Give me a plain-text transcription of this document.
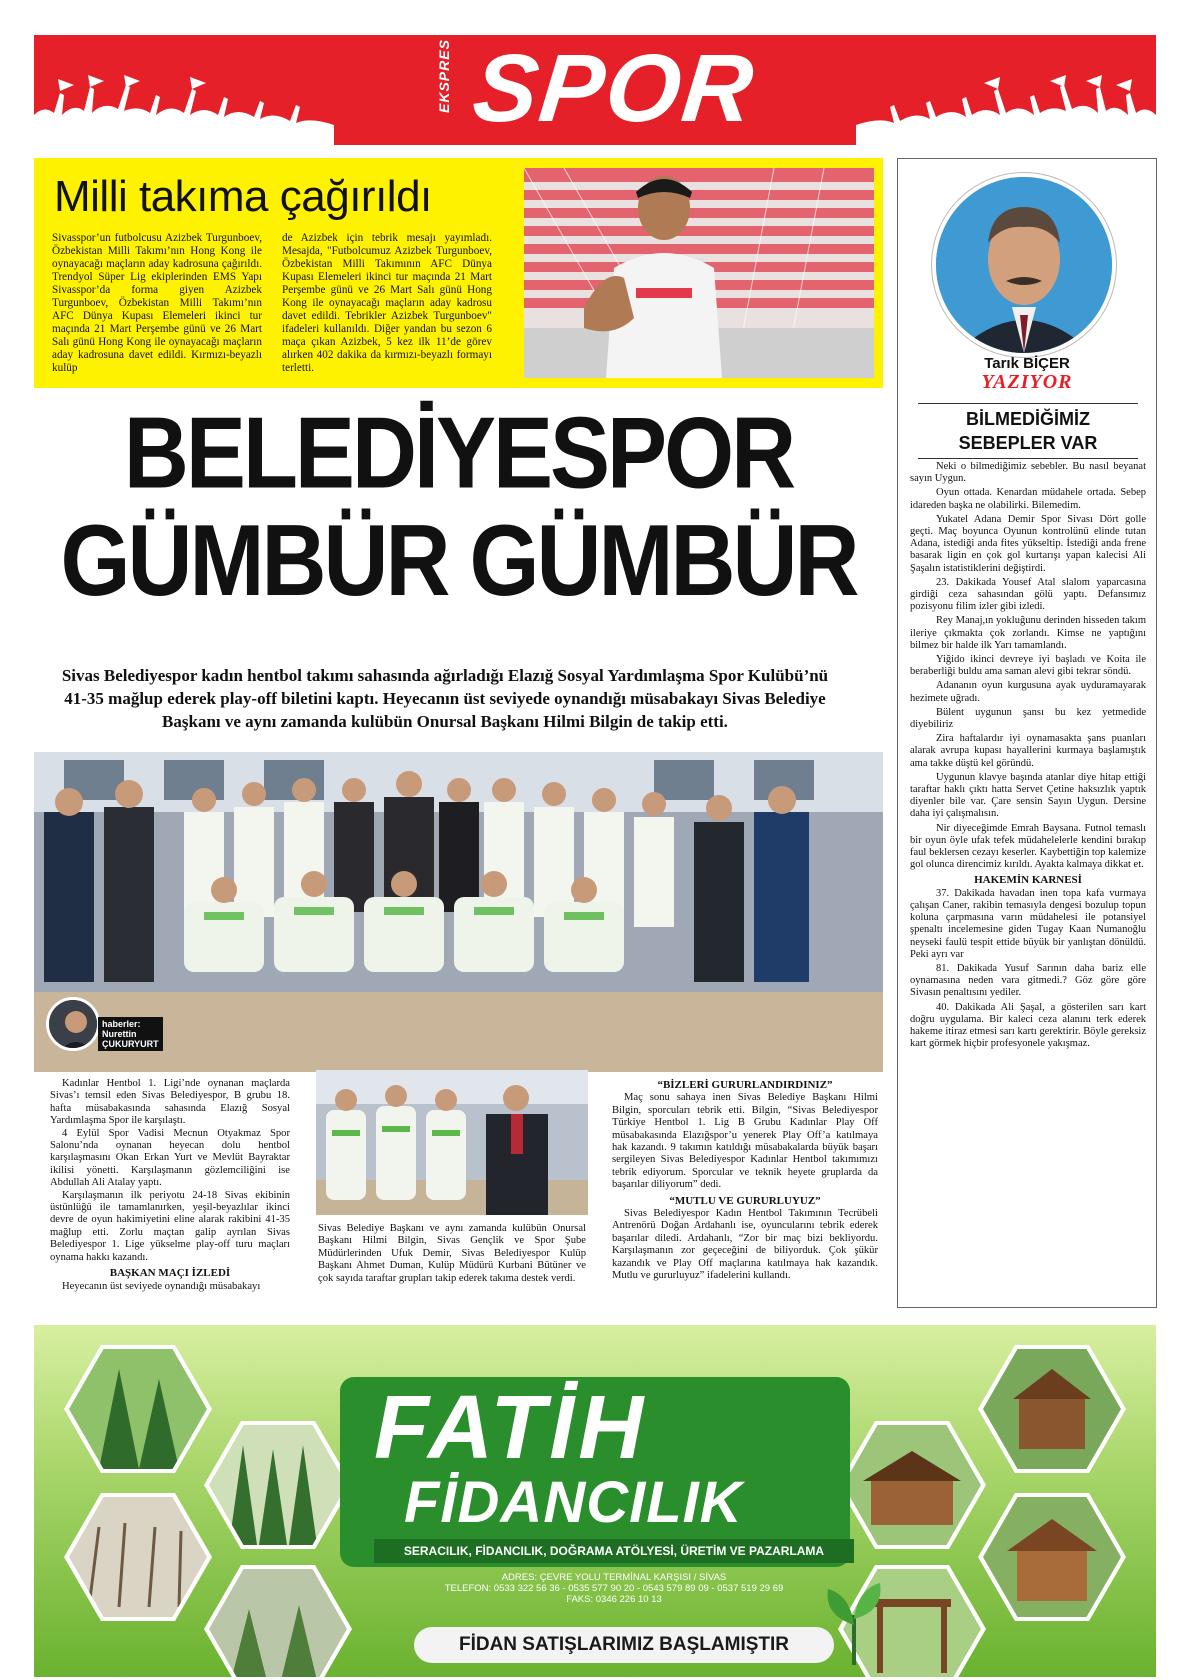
19 Mart 2024 Salı
EKSPRES SPOR
Milli takıma çağırıldı
Sivasspor’un futbolcusu Azizbek Turgunboev, Özbekistan Milli Takımı’nın Hong Kong ile oynayacağı maçların aday kadrosuna çağırıldı. Trendyol Süper Lig ekiplerinden EMS Yapı Sivasspor’da forma giyen Azizbek Turgunboev, Özbekistan Milli Takımı’nın AFC Dünya Kupası Elemeleri ikinci tur maçında 21 Mart Perşembe günü ve 26 Mart Salı günü Hong Kong ile oynayacağı maçların aday kadrosuna davet edildi. Kırmızı-beyazlı kulüp
de Azizbek için tebrik mesajı yayımladı. Mesajda, "Futbolcumuz Azizbek Turgunboev, Özbekistan Milli Takımının AFC Dünya Kupası Elemeleri ikinci tur maçında 21 Mart Perşembe günü ve 26 Mart Salı günü Hong Kong ile oynayacağı maçların aday kadrosu davet edildi. Tebrikler Azizbek Turgunboev" ifadeleri kullanıldı. Diğer yandan bu sezon 6 maça çıkan Azizbek, 5 kez ilk 11’de görev alırken 402 dakika da kırmızı-beyazlı formayı terletti.
BELEDİYESPOR
GÜMBÜR GÜMBÜR
Sivas Belediyespor kadın hentbol takımı sahasında ağırladığı Elazığ Sosyal Yardımlaşma Spor Kulübü’nü 41-35 mağlup ederek play-off biletini kaptı. Heyecanın üst seviyede oynandığı müsabakayı Sivas Belediye Başkanı ve aynı zamanda kulübün Onursal Başkanı Hilmi Bilgin de takip etti.
haberler:
Nurettin
ÇUKURYURT

Kadınlar Hentbol 1. Ligi’nde oynanan maçlarda Sivas’ı temsil eden Sivas Belediyespor, B grubu 18. hafta müsabakasında sahasında Elazığ Sosyal Yardımlaşma Spor ile karşılaştı.

4 Eylül Spor Vadisi Mecnun Otyakmaz Spor Salonu’nda oynanan heyecan dolu hentbol karşılaşmasını Okan Erkan Yurt ve Mevlüt Bayraktar ikilisi yönetti. Karşılaşmanın gözlemciliğini ise Abdullah Ali Atalay yaptı.

Karşılaşmanın ilk periyotu 24-18 Sivas ekibinin üstünlüğü ile tamamlanırken, yeşil-beyazlılar ikinci devre de oyun hakimiyetini eline alarak rakibini 41-35 mağlup etti. Zorlu maçtan galip ayrılan Sivas Belediyespor 1. Lige yükselme play-off turu maçları oynama hakkı kazandı.

BAŞKAN MAÇI İZLEDİ

Heyecanın üst seviyede oynandığı müsabakayı

Sivas Belediye Başkanı ve aynı zamanda kulübün Onursal Başkanı Hilmi Bilgin, Sivas Gençlik ve Spor Şube Müdürlerinden Ufuk Demir, Sivas Belediyespor Kulüp Başkanı Ahmet Duman, Kulüp Müdürü Kurbani Bütüner ve çok sayıda taraftar grupları takip ederek takıma destek verdi.
“BİZLERİ GURURLANDIRDINIZ”

Maç sonu sahaya inen Sivas Belediye Başkanı Hilmi Bilgin, sporcuları tebrik etti. Bilgin, “Sivas Belediyespor Türkiye Hentbol 1. Lig B Grubu Kadınlar Play Off müsabakasında Elazığspor’u yenerek Play Off’a katılmaya hak kazandı. 9 takımın katıldığı müsabakalarda büyük başarı sergileyen Sivas Belediyespor Kadınlar Hentbol takımımızı tebrik ediyorum. Sporcular ve teknik heyete gruplarda da başarılar diliyorum” dedi.

“MUTLU VE GURURLUYUZ”

Sivas Belediyespor Kadın Hentbol Takımının Tecrübeli Antrenörü Doğan Ardahanlı ise, oyuncularını tebrik ederek başarılar diledi. Ardahanlı, “Zor bir maç bizi bekliyordu. Karşılaşmanın zor geçeceğini de biliyorduk. Çok şükür kazandık ve Play Off maçlarına katılmaya hak kazandık. Mutlu ve gururluyuz” ifadelerini kullandı.

Tarık BİÇER
YAZIYOR
BİLMEDİĞİMİZ SEBEPLER VAR

Neki o bilmediğimiz sebebler. Bu nasıl beyanat sayın Uygun.

Oyun ottada. Kenardan müdahele ortada. Sebep idareden başka ne olabilirki. Bilemedim.

Yukatel Adana Demir Spor Sivası Dört golle geçti. Maç boyunca Oyunun kontrolünü elinde tutan Adana, istediği anda fites yükseltip. İstediği anda frene basarak ligin en çok gol kurtarışı yapan kalecisi Ali Şaşalın istatistiklerini değiştirdi.

23. Dakikada Yousef Atal slalom yaparcasına girdiği ceza sahasından gölü yaptı. Defansımız pozisyonu filim izler gibi izledi.

Rey Manaj,ın yokluğunu derinden hisseden takım ileriye çıkmakta çok zorlandı. Kimse ne yaptığını bilmez bir halde ilk Yarı tamamlandı.

Yiğido ikinci devreye iyi başladı ve Koita ile beraberliği buldu ama saman alevi gibi tekrar söndü.

Adananın oyun kurgusuna ayak uyduramayarak hezimete uğradı.

Bülent uygunun şansı bu kez yetmedide diyebiliriz

Zira haftalardır iyi oynamasakta şans puanları alarak avrupa kupası hayallerini kurmaya başlamıştık ama takke düştü kel göründü.

Uygunun klavye başında atanlar diye hitap ettiği taraftar haklı çıktı hatta Servet Çetine haksızlık yaptık diyenler bile var. Çare sensin Sayın Uygun. Dersine daha iyi çalışmalısın.

Nir diyeceğimde Emrah Baysana. Futnol temaslı bir oyun öyle ufak tefek müdahelelerle kendini bırakıp faul beklersen cezayı keserler. Kaybettiğin top kalemize gol olunca direncimiz kırıldı. Ayakta kalmaya dikkat et.

HAKEMİN KARNESİ

37. Dakikada havadan inen topa kafa vurmaya çalışan Caner, rakibin temasıyla dengesi bozulup topun koluna çarpmasına varın müdahelesi ile potansiyel şpenaltı incelemesine giden Tugay Kaan Numanoğlu neyseki faulü tespit ettide büyük bir yanlıştan dönüldü. Peki ayrı var

81. Dakikada Yusuf Sarının daha bariz elle oynamasına neden vara gitmedi.? Göz göre göre Sivasın penaltısını yediler.

40. Dakikada Ali Şaşal, a gösterilen sarı kart doğru uygulama. Bir kaleci ceza alanını terk ederek hakeme itiraz etmesi sarı kartı gerektirir. Böyle gereksiz kart görmek hiçbir profesyonele yakışmaz.

FATİH
FİDANCILIK
SERACILIK, FİDANCILIK, DOĞRAMA ATÖLYESİ, ÜRETİM VE PAZARLAMA
ADRES: ÇEVRE YOLU TERMİNAL KARŞISI / SİVAS
TELEFON: 0533 322 56 36 - 0535 577 90 20 - 0543 579 89 09 - 0537 519 29 69
FAKS: 0346 226 10 13
FİDAN SATIŞLARIMIZ BAŞLAMIŞTIR
